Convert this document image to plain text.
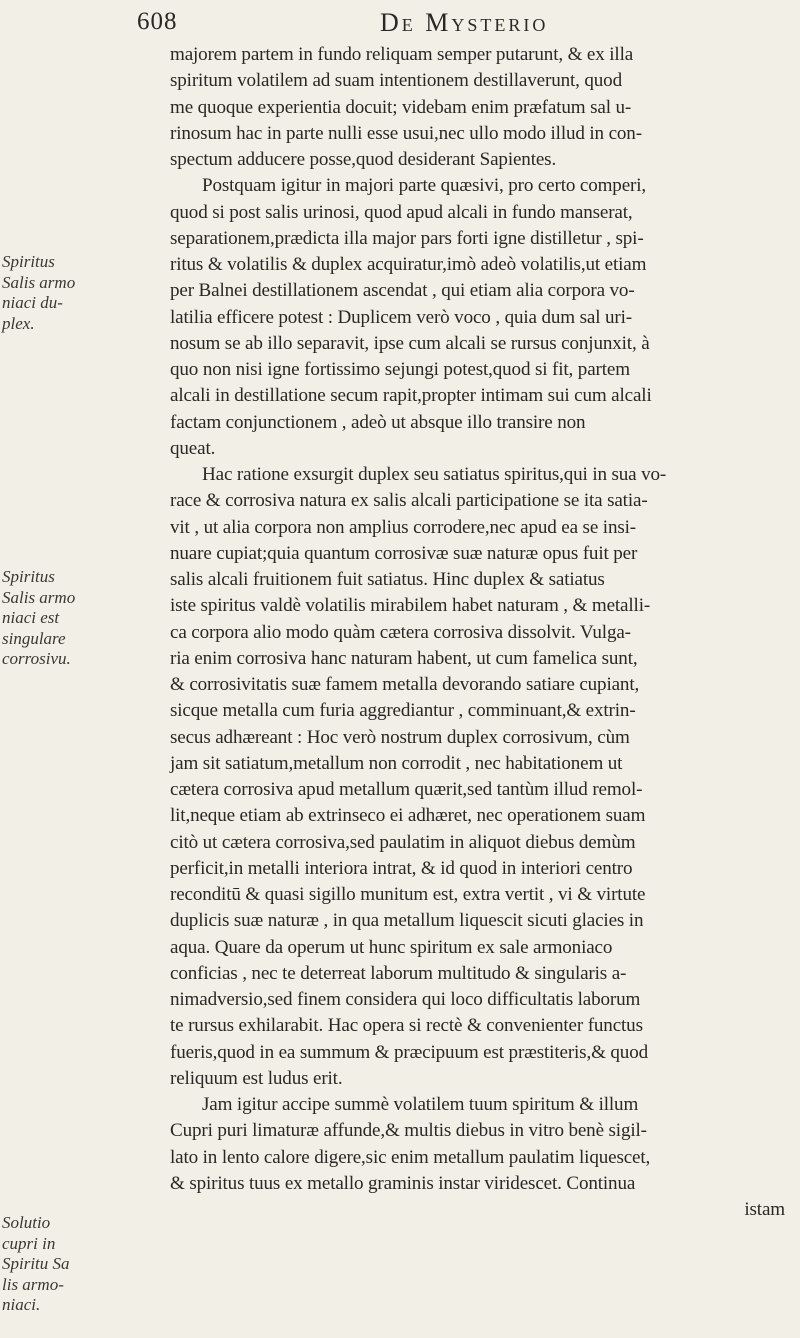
608	De Mysterio
Spiritus
Salis armo
niaci du-
plex.
Spiritus
Salis armo
niaci est
singulare
corrosivu.
Solutio
cupri in
Spiritu Sa
lis armo-
niaci.
majorem partem in fundo reliquam semper putarunt, & ex illa
spiritum volatilem ad suam intentionem destillaverunt, quod
me quoque experientia docuit; videbam enim præfatum sal u-
rinosum hac in parte nulli esse usui,nec ullo modo illud in con-
spectum adducere posse,quod desiderant Sapientes.
Postquam igitur in majori parte quæsivi, pro certo comperi,
quod si post salis urinosi, quod apud alcali in fundo manserat,
separationem,prædicta illa major pars forti igne distilletur , spi-
ritus & volatilis & duplex acquiratur,imò adeò volatilis,ut etiam
per Balnei destillationem ascendat , qui etiam alia corpora vo-
latilia efficere potest : Duplicem verò voco , quia dum sal uri-
nosum se ab illo separavit, ipse cum alcali se rursus conjunxit, à
quo non nisi igne fortissimo sejungi potest,quod si fit, partem
alcali in destillatione secum rapit,propter intimam sui cum alcali
factam conjunctionem , adeò ut absque illo transire non
queat.
Hac ratione exsurgit duplex seu satiatus spiritus,qui in sua vo-
race & corrosiva natura ex salis alcali participatione se ita satia-
vit , ut alia corpora non amplius corrodere,nec apud ea se insi-
nuare cupiat;quia quantum corrosivæ suæ naturæ opus fuit per
salis alcali fruitionem fuit satiatus. Hinc duplex & satiatus
iste spiritus valdè volatilis mirabilem habet naturam , & metalli-
ca corpora alio modo quàm cætera corrosiva dissolvit. Vulga-
ria enim corrosiva hanc naturam habent, ut cum famelica sunt,
& corrosivitatis suæ famem metalla devorando satiare cupiant,
sicque metalla cum furia aggrediantur , comminuant,& extrin-
secus adhæreant : Hoc verò nostrum duplex corrosivum, cùm
jam sit satiatum,metallum non corrodit , nec habitationem ut
cætera corrosiva apud metallum quærit,sed tantùm illud remol-
lit,neque etiam ab extrinseco ei adhæret, nec operationem suam
citò ut cætera corrosiva,sed paulatim in aliquot diebus demùm
perficit,in metalli interiora intrat, & id quod in interiori centro
reconditū & quasi sigillo munitum est, extra vertit , vi & virtute
duplicis suæ naturæ , in qua metallum liquescit sicuti glacies in
aqua. Quare da operum ut hunc spiritum ex sale armoniaco
conficias , nec te deterreat laborum multitudo & singularis a-
nimadversio,sed finem considera qui loco difficultatis laborum
te rursus exhilarabit. Hac opera si rectè & convenienter functus
fueris,quod in ea summum & præcipuum est præstiteris,& quod
reliquum est ludus erit.
Jam igitur accipe summè volatilem tuum spiritum & illum
Cupri puri limaturæ affunde,& multis diebus in vitro benè sigil-
lato in lento calore digere,sic enim metallum paulatim liquescet,
& spiritus tuus ex metallo graminis instar viridescet. Continua
istam
